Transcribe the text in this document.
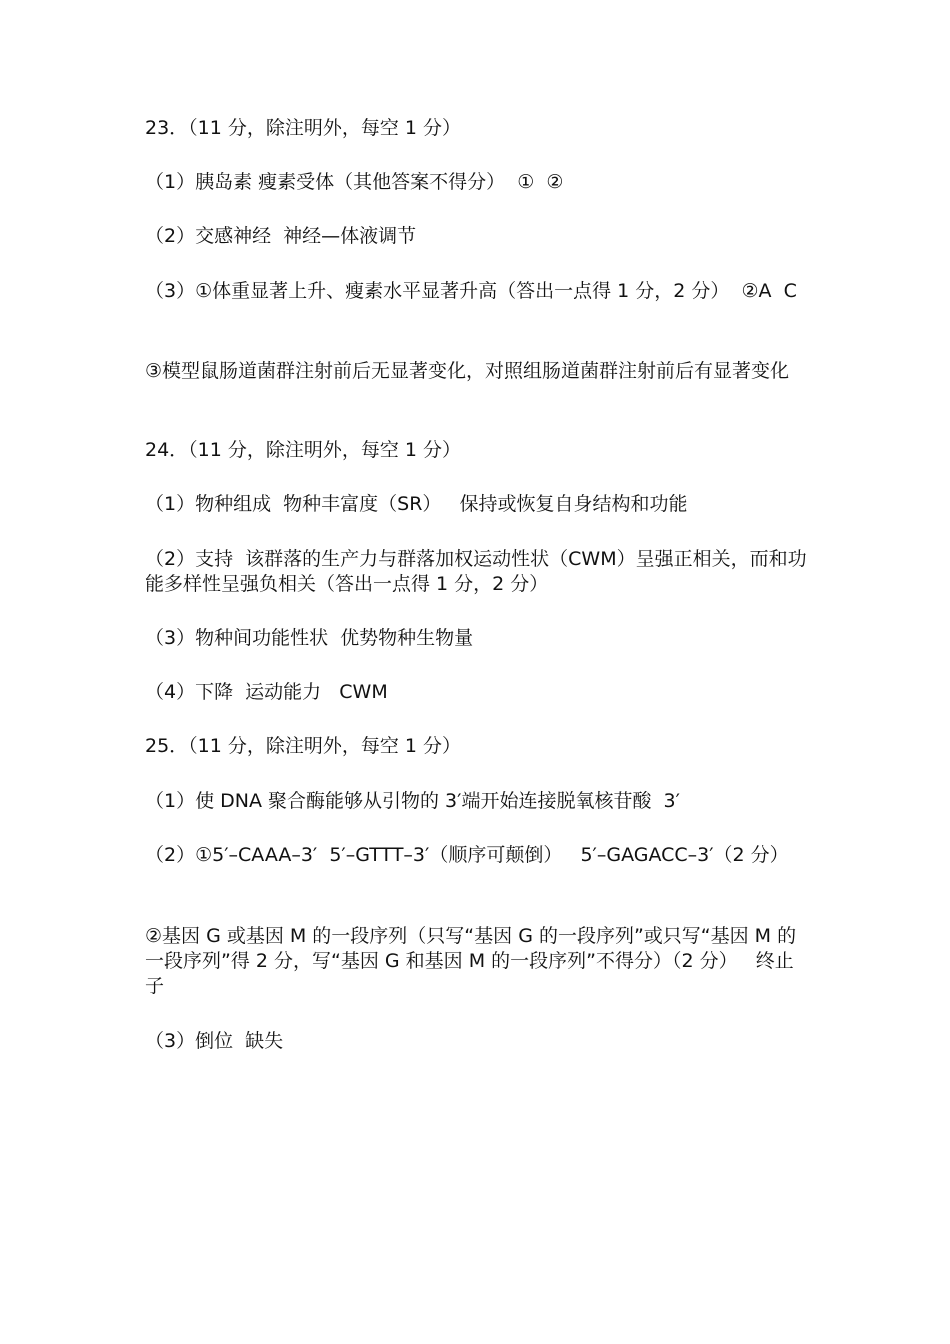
23．（11 分，除注明外，每空 1 分）
（1）胰岛素 瘦素受体（其他答案不得分）  ①  ②
（2）交感神经  神经—体液调节
（3）①体重显著上升、瘦素水平显著升高（答出一点得 1 分，2 分）  ②A  C
③模型鼠肠道菌群注射前后无显著变化，对照组肠道菌群注射前后有显著变化
24．（11 分，除注明外，每空 1 分）
（1）物种组成  物种丰富度（SR）   保持或恢复自身结构和功能
（2）支持  该群落的生产力与群落加权运动性状（CWM）呈强正相关，而和功能多样性呈强负相关（答出一点得 1 分，2 分）
（3）物种间功能性状  优势物种生物量
（4）下降  运动能力   CWM
25．（11 分，除注明外，每空 1 分）
（1）使 DNA 聚合酶能够从引物的 3′端开始连接脱氧核苷酸  3′
（2）①5′–CAAA–3′  5′–GTTT–3′（顺序可颠倒）   5′–GAGACC–3′（2 分）
②基因 G 或基因 M 的一段序列（只写“基因 G 的一段序列”或只写“基因 M 的一段序列”得 2 分，写“基因 G 和基因 M 的一段序列”不得分）（2 分）   终止子
（3）倒位  缺失
